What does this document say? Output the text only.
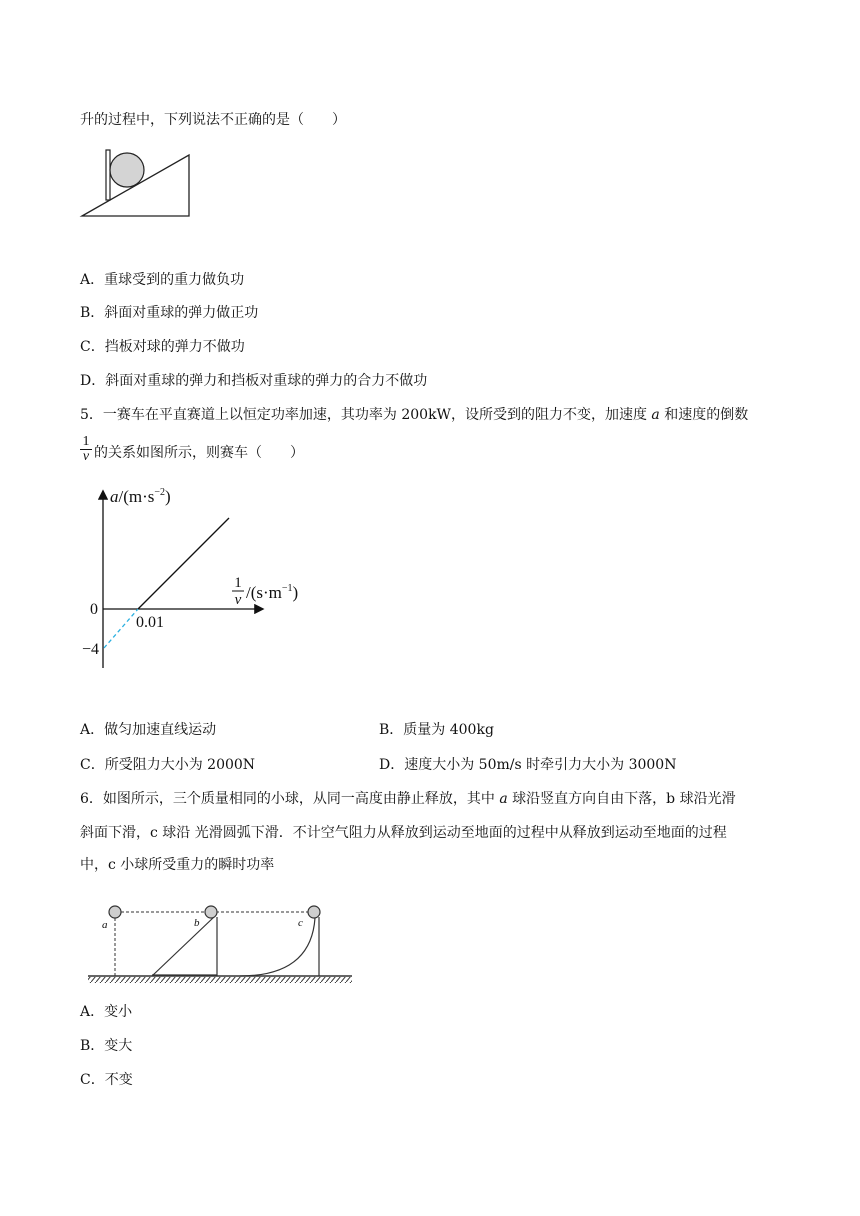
升的过程中，下列说法不正确的是（　　）
A．重球受到的重力做负功
B．斜面对重球的弹力做正功
C．挡板对球的弹力不做功
D．斜面对重球的弹力和挡板对重球的弹力的合力不做功
5．一赛车在平直赛道上以恒定功率加速，其功率为 200kW，设所受到的阻力不变，加速度 a 和速度的倒数
$\frac{1}{v}$ 的关系如图所示，则赛车（　　）
$a/(m\cdot s^{-2})$
1
v $/(s\cdot m^{-1})$
0
0.01
−4
A．做匀加速直线运动	B．质量为 400kg
C．所受阻力大小为 2000N	D．速度大小为 50m/s 时牵引力大小为 3000N
6．如图所示，三个质量相同的小球，从同一高度由静止释放，其中 a 球沿竖直方向自由下落，b 球沿光滑
斜面下滑，c 球沿 光滑圆弧下滑．不计空气阻力从释放到运动至地面的过程中从释放到运动至地面的过程
中，c 小球所受重力的瞬时功率
a	b	c
A．变小
B．变大
C．不变
